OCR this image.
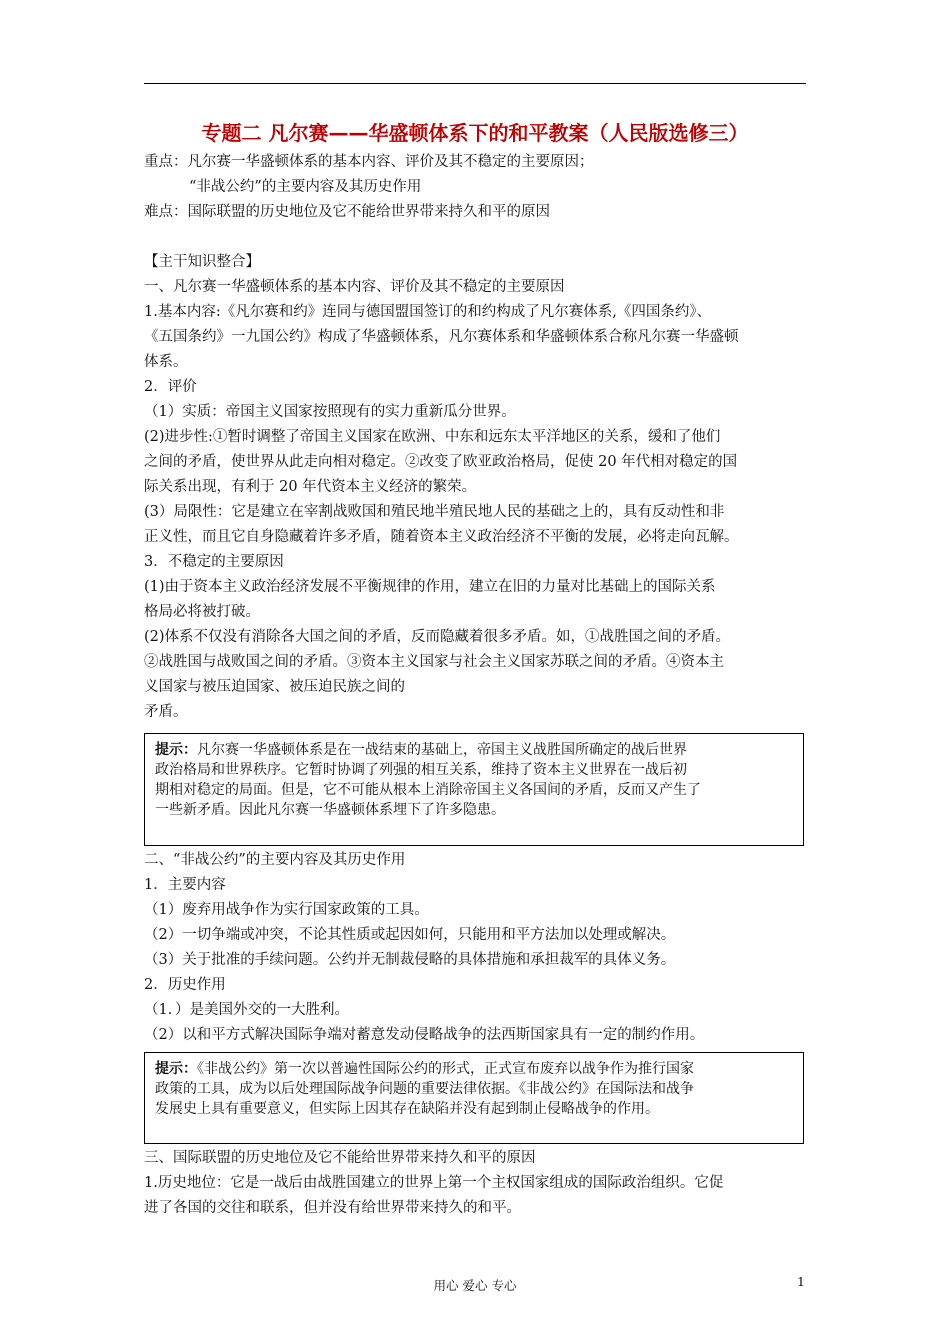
专题二 凡尔赛——华盛顿体系下的和平教案（人民版选修三）
重点：凡尔赛一华盛顿体系的基本内容、评价及其不稳定的主要原因；
“非战公约”的主要内容及其历史作用
难点：国际联盟的历史地位及它不能给世界带来持久和平的原因
【主干知识整合】
一、凡尔赛一华盛顿体系的基本内容、评价及其不稳定的主要原因
1.基本内容:《凡尔赛和约》连同与德国盟国签订的和约构成了凡尔赛体系,《四国条约》、
《五国条约》一九国公约》构成了华盛顿体系，凡尔赛体系和华盛顿体系合称凡尔赛一华盛顿
体系。
2．评价
（1）实质：帝国主义国家按照现有的实力重新瓜分世界。
(2)进步性:①暂时调整了帝国主义国家在欧洲、中东和远东太平洋地区的关系，缓和了他们
之间的矛盾，使世界从此走向相对稳定。②改变了欧亚政治格局，促使 20 年代相对稳定的国
际关系出现，有利于 20 年代资本主义经济的繁荣。
(3）局限性：它是建立在宰割战败国和殖民地半殖民地人民的基础之上的，具有反动性和非
正义性，而且它自身隐藏着许多矛盾，随着资本主义政治经济不平衡的发展，必将走向瓦解。
3．不稳定的主要原因
(1)由于资本主义政治经济发展不平衡规律的作用，建立在旧的力量对比基础上的国际关系
格局必将被打破。
(2)体系不仅没有消除各大国之间的矛盾，反而隐藏着很多矛盾。如，①战胜国之间的矛盾。
②战胜国与战败国之间的矛盾。③资本主义国家与社会主义国家苏联之间的矛盾。④资本主
义国家与被压迫国家、被压迫民族之间的
矛盾。
提示：凡尔赛一华盛顿体系是在一战结束的基础上，帝国主义战胜国所确定的战后世界
政治格局和世界秩序。它暂时协调了列强的相互关系，维持了资本主义世界在一战后初
期相对稳定的局面。但是，它不可能从根本上消除帝国主义各国间的矛盾，反而又产生了
一些新矛盾。因此凡尔赛一华盛顿体系埋下了许多隐患。
二、“非战公约”的主要内容及其历史作用
1．主要内容
（1）废弃用战争作为实行国家政策的工具。
（2）一切争端或冲突，不论其性质或起因如何，只能用和平方法加以处理或解决。
（3）关于批准的手续问题。公约并无制裁侵略的具体措施和承担裁军的具体义务。
2．历史作用
（1．）是美国外交的一大胜利。
（2）以和平方式解决国际争端对蓄意发动侵略战争的法西斯国家具有一定的制约作用。
提示：《非战公约》第一次以普遍性国际公约的形式，正式宣布废弃以战争作为推行国家
政策的工具，成为以后处理国际战争问题的重要法律依据。《非战公约》在国际法和战争
发展史上具有重要意义，但实际上因其存在缺陷并没有起到制止侵略战争的作用。
三、国际联盟的历史地位及它不能给世界带来持久和平的原因
1.历史地位：它是一战后由战胜国建立的世界上第一个主权国家组成的国际政治组织。它促
进了各国的交往和联系，但并没有给世界带来持久的和平。
用心 爱心 专心	1
